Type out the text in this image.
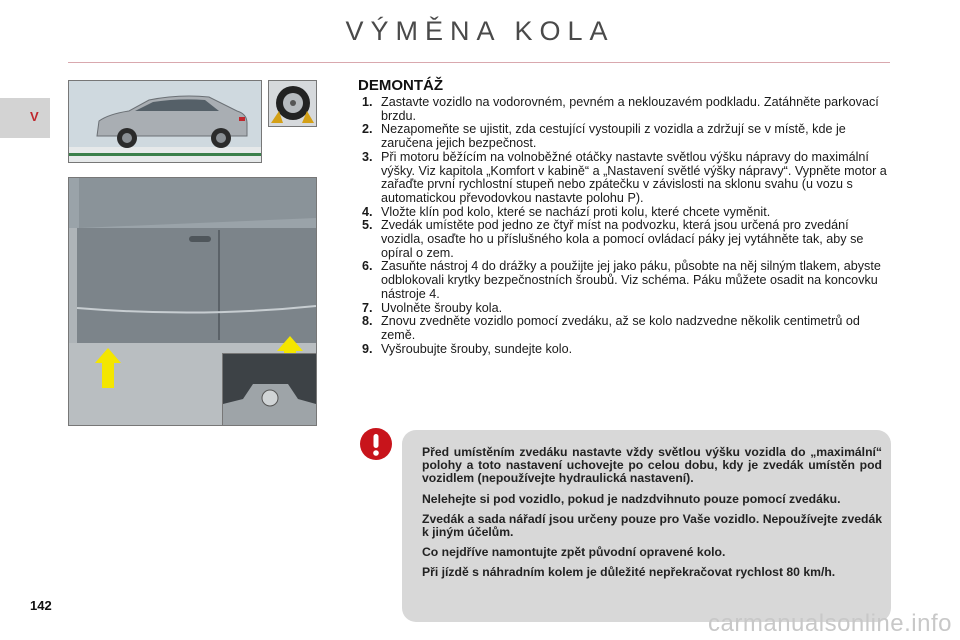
VÝMĚNA KOLA
V
DEMONTÁŽ
1. Zastavte vozidlo na vodorovném, pevném a neklouzavém podkladu. Zatáhněte parkovací brzdu.
2. Nezapomeňte se ujistit, zda cestující vystoupili z vozidla a zdržují se v místě, kde je zaručena jejich bezpečnost.
3. Při motoru běžícím na volnoběžné otáčky nastavte světlou výšku nápravy do maximální výšky. Viz kapitola „Komfort v kabině“ a „Nastavení světlé výšky nápravy“. Vypněte motor a zařaďte první rychlostní stupeň nebo zpátečku v závislosti na sklonu svahu (u vozu s automatickou převodovkou nastavte polohu P).
4. Vložte klín pod kolo, které se nachází proti kolu, které chcete vyměnit.
5. Zvedák umístěte pod jedno ze čtyř míst na podvozku, která jsou určená pro zvedání vozidla, osaďte ho u příslušného kola a pomocí ovládací páky jej vytáhněte tak, aby se opíral o zem.
6. Zasuňte nástroj 4 do drážky a použijte jej jako páku, působte na něj silným tlakem, abyste odblokovali krytky bezpečnostních šroubů. Viz schéma. Páku můžete osadit na koncovku nástroje 4.
7. Uvolněte šrouby kola.
8. Znovu zvedněte vozidlo pomocí zvedáku, až se kolo nadzvedne několik centimetrů od země.
9. Vyšroubujte šrouby, sundejte kolo.

Před umístěním zvedáku nastavte vždy světlou výšku vozidla do „maximální“ polohy a toto nastavení uchovejte po celou dobu, kdy je zvedák umístěn pod vozidlem (nepoužívejte hydraulická nastavení).

Nelehejte si pod vozidlo, pokud je nadzdvihnuto pouze pomocí zvedáku.

Zvedák a sada nářadí jsou určeny pouze pro Vaše vozidlo. Nepoužívejte zvedák k jiným účelům.

Co nejdříve namontujte zpět původní opravené kolo.

Při jízdě s náhradním kolem je důležité nepřekračovat rychlost 80 km/h.

142
carmanualsonline.info
